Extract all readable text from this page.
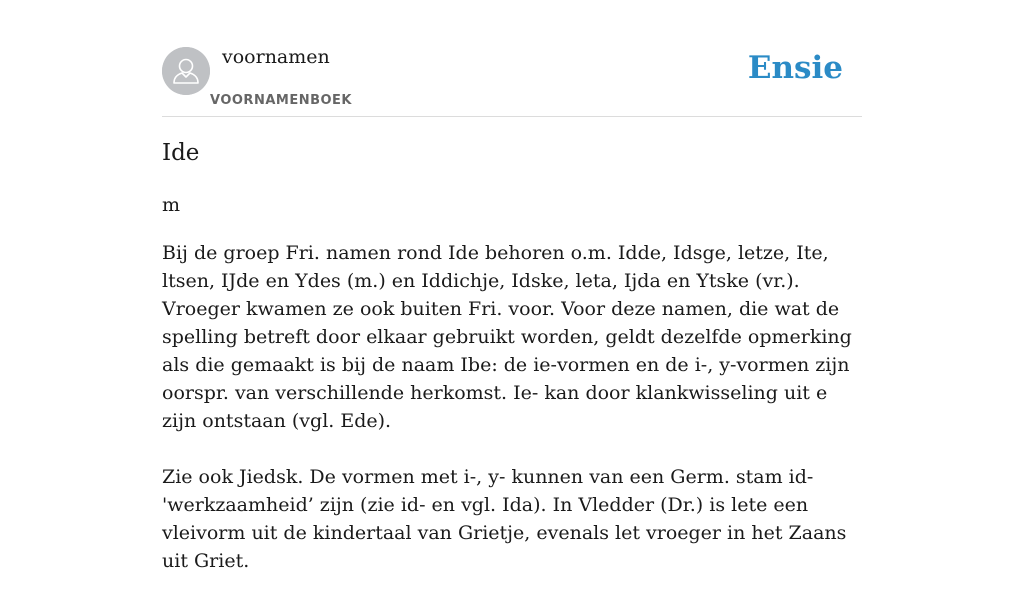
voornamen
VOORNAMENBOEK
Ensie
Ide
m

Bij de groep Fri. namen rond Ide behoren o.m. Idde, Idsge, letze, Ite, ltsen, IJde en Ydes (m.) en Iddichje, Idske, leta, Ijda en Ytske (vr.). Vroeger kwamen ze ook buiten Fri. voor. Voor deze namen, die wat de spelling betreft door elkaar gebruikt worden, geldt dezelfde opmerking als die gemaakt is bij de naam Ibe: de ie-vormen en de i-, y-vormen zijn oorspr. van verschillende herkomst. Ie- kan door klankwisseling uit e zijn ontstaan (vgl. Ede).

Zie ook Jiedsk. De vormen met i-, y- kunnen van een Germ. stam id- 'werkzaamheid’ zijn (zie id- en vgl. Ida). In Vledder (Dr.) is lete een vleivorm uit de kindertaal van Grietje, evenals let vroeger in het Zaans uit Griet.
